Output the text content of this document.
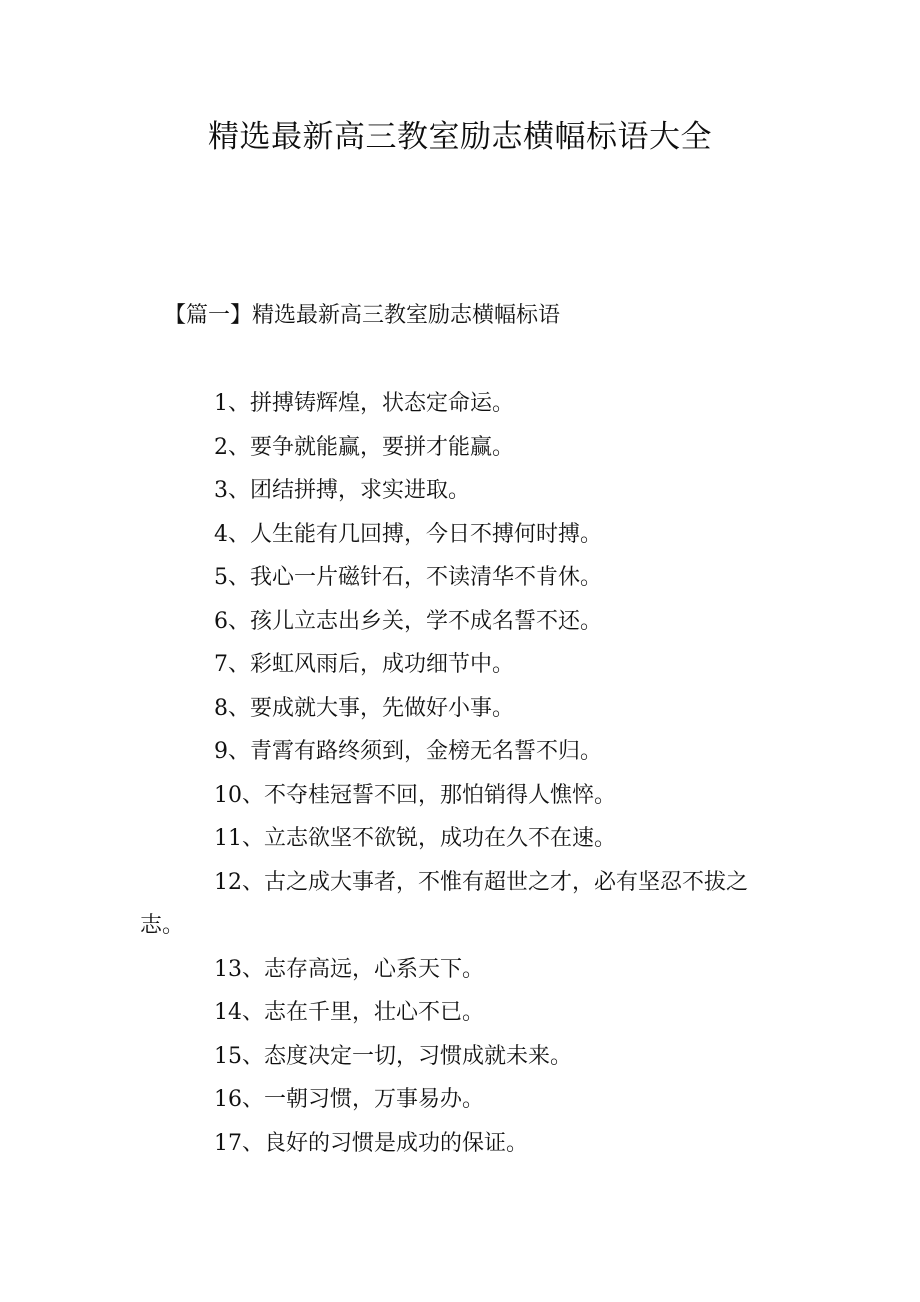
精选最新高三教室励志横幅标语大全
【篇一】精选最新高三教室励志横幅标语
1、拼搏铸辉煌，状态定命运。
2、要争就能赢，要拼才能赢。
3、团结拼搏，求实进取。
4、人生能有几回搏，今日不搏何时搏。
5、我心一片磁针石，不读清华不肯休。
6、孩儿立志出乡关，学不成名誓不还。
7、彩虹风雨后，成功细节中。
8、要成就大事，先做好小事。
9、青霄有路终须到，金榜无名誓不归。
10、不夺桂冠誓不回，那怕销得人憔悴。
11、立志欲坚不欲锐，成功在久不在速。
12、古之成大事者，不惟有超世之才，必有坚忍不拔之志。
13、志存高远，心系天下。
14、志在千里，壮心不已。
15、态度决定一切，习惯成就未来。
16、一朝习惯，万事易办。
17、良好的习惯是成功的保证。
